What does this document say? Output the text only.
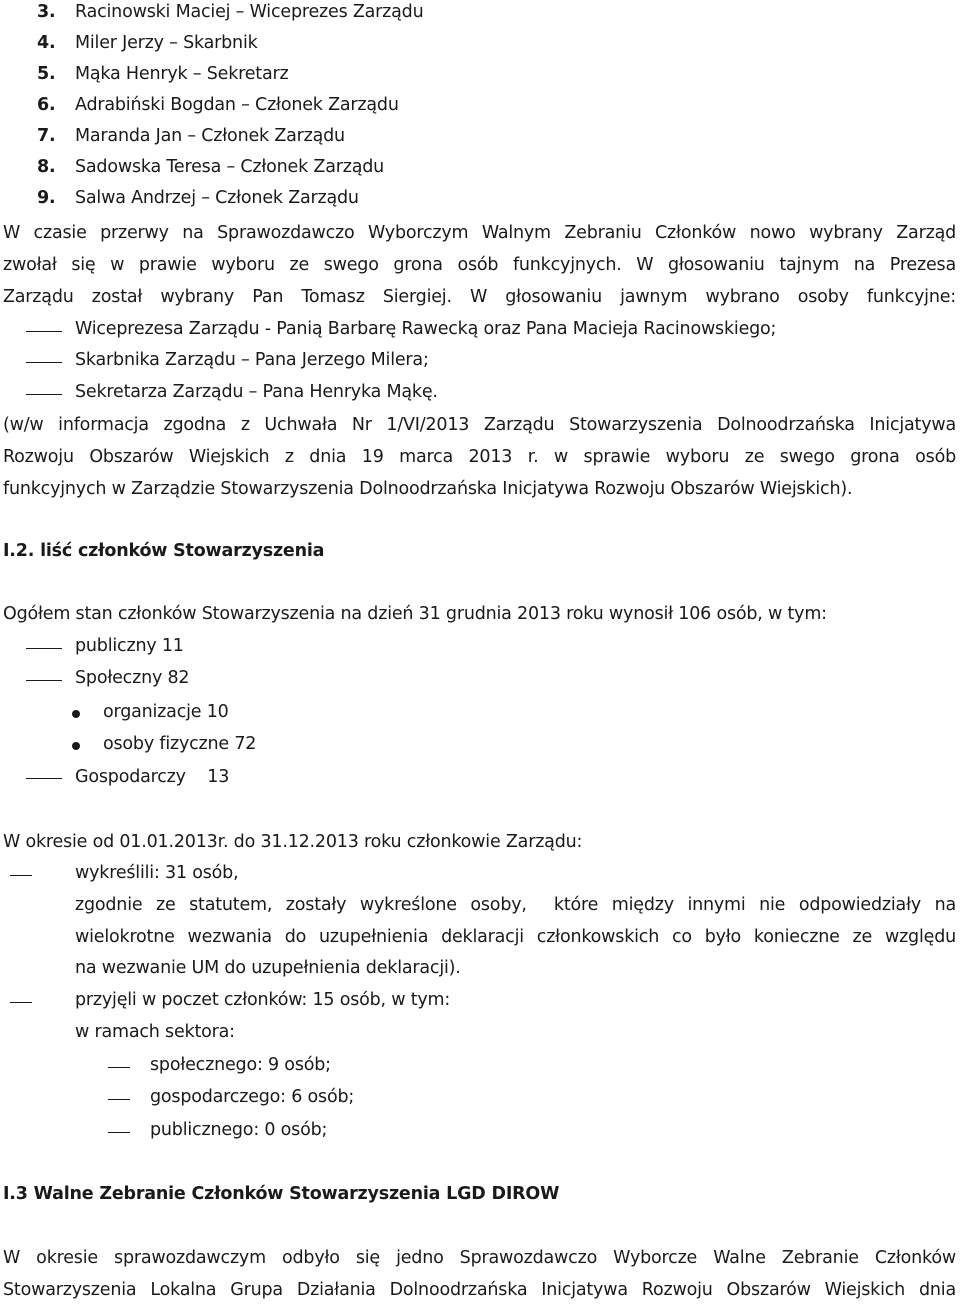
3. Racinowski Maciej – Wiceprezes Zarządu
4. Miler Jerzy – Skarbnik
5. Mąka Henryk – Sekretarz
6. Adrabiński Bogdan – Członek Zarządu
7. Maranda Jan – Członek Zarządu
8. Sadowska Teresa – Członek Zarządu
9. Salwa Andrzej – Członek Zarządu
W czasie przerwy na Sprawozdawczo Wyborczym Walnym Zebraniu Członków nowo wybrany Zarząd
zwołał się w prawie wyboru ze swego grona osób funkcyjnych. W głosowaniu tajnym na Prezesa
Zarządu został wybrany Pan Tomasz Siergiej. W głosowaniu jawnym wybrano osoby funkcyjne:
Wiceprezesa Zarządu - Panią Barbarę Rawecką oraz Pana Macieja Racinowskiego;
Skarbnika Zarządu – Pana Jerzego Milera;
Sekretarza Zarządu – Pana Henryka Mąkę.
(w/w informacja zgodna z Uchwała Nr 1/VI/2013 Zarządu Stowarzyszenia Dolnoodrzańska Inicjatywa
Rozwoju Obszarów Wiejskich z dnia 19 marca 2013 r. w sprawie wyboru ze swego grona osób
funkcyjnych w Zarządzie Stowarzyszenia Dolnoodrzańska Inicjatywa Rozwoju Obszarów Wiejskich).
I.2. liść członków Stowarzyszenia
Ogółem stan członków Stowarzyszenia na dzień 31 grudnia 2013 roku wynosił 106 osób, w tym:
publiczny 11
Społeczny 82
organizacje 10
osoby fizyczne 72
Gospodarczy    13
W okresie od 01.01.2013r. do 31.12.2013 roku członkowie Zarządu:
wykreślili: 31 osób,
zgodnie ze statutem, zostały wykreślone osoby,  które między innymi nie odpowiedziały na
wielokrotne wezwania do uzupełnienia deklaracji członkowskich co było konieczne ze względu
na wezwanie UM do uzupełnienia deklaracji).
przyjęli w poczet członków: 15 osób, w tym:
w ramach sektora:
społecznego: 9 osób;
gospodarczego: 6 osób;
publicznego: 0 osób;
I.3 Walne Zebranie Członków Stowarzyszenia LGD DIROW
W okresie sprawozdawczym odbyło się jedno Sprawozdawczo Wyborcze Walne Zebranie Członków
Stowarzyszenia Lokalna Grupa Działania Dolnoodrzańska Inicjatywa Rozwoju Obszarów Wiejskich dnia
